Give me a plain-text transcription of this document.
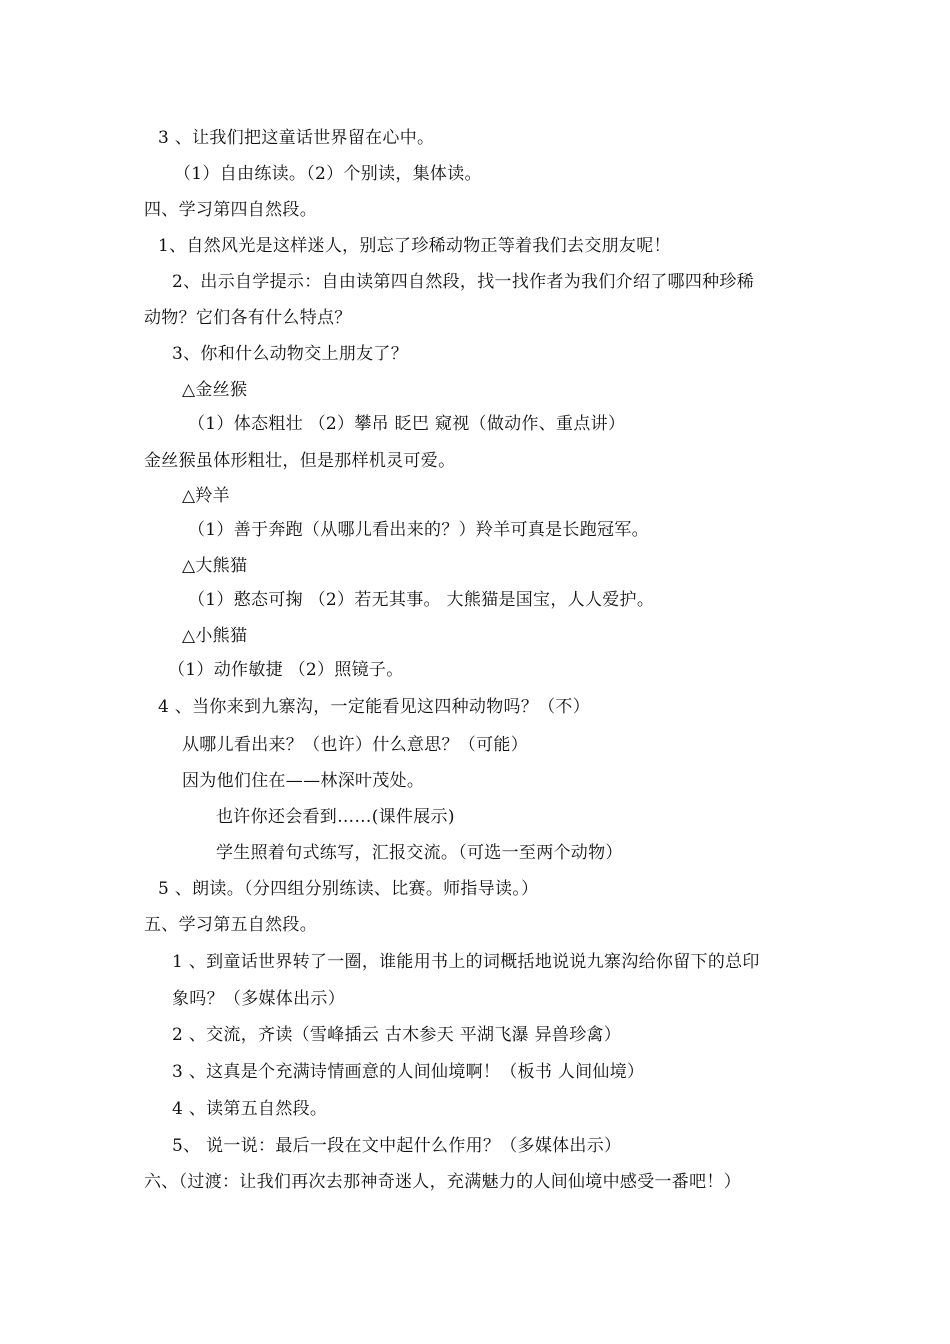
3 、让我们把这童话世界留在心中。
（1）自由练读。（2）个别读，集体读。
四、学习第四自然段。
1、自然风光是这样迷人，别忘了珍稀动物正等着我们去交朋友呢！
2、出示自学提示：自由读第四自然段，找一找作者为我们介绍了哪四种珍稀
动物？它们各有什么特点？
3、你和什么动物交上朋友了？
△金丝猴
（1）体态粗壮 （2）攀吊 眨巴 窥视（做动作、重点讲）
金丝猴虽体形粗壮，但是那样机灵可爱。
△羚羊
（1）善于奔跑（从哪儿看出来的？）羚羊可真是长跑冠军。
△大熊猫
（1）憨态可掬 （2）若无其事。 大熊猫是国宝，人人爱护。
△小熊猫
（1）动作敏捷 （2）照镜子。
4 、当你来到九寨沟，一定能看见这四种动物吗？（不）
从哪儿看出来？（也许）什么意思？（可能）
因为他们住在——林深叶茂处。
也许你还会看到……(课件展示)
学生照着句式练写，汇报交流。（可选一至两个动物）
5 、朗读。（分四组分别练读、比赛。师指导读。）
五、学习第五自然段。
1 、到童话世界转了一圈，谁能用书上的词概括地说说九寨沟给你留下的总印
象吗？（多媒体出示）
2 、交流，齐读（雪峰插云 古木参天 平湖飞瀑 异兽珍禽）
3 、这真是个充满诗情画意的人间仙境啊！（板书 人间仙境）
4 、读第五自然段。
5、 说一说：最后一段在文中起什么作用？（多媒体出示）
六、（过渡：让我们再次去那神奇迷人，充满魅力的人间仙境中感受一番吧！）
